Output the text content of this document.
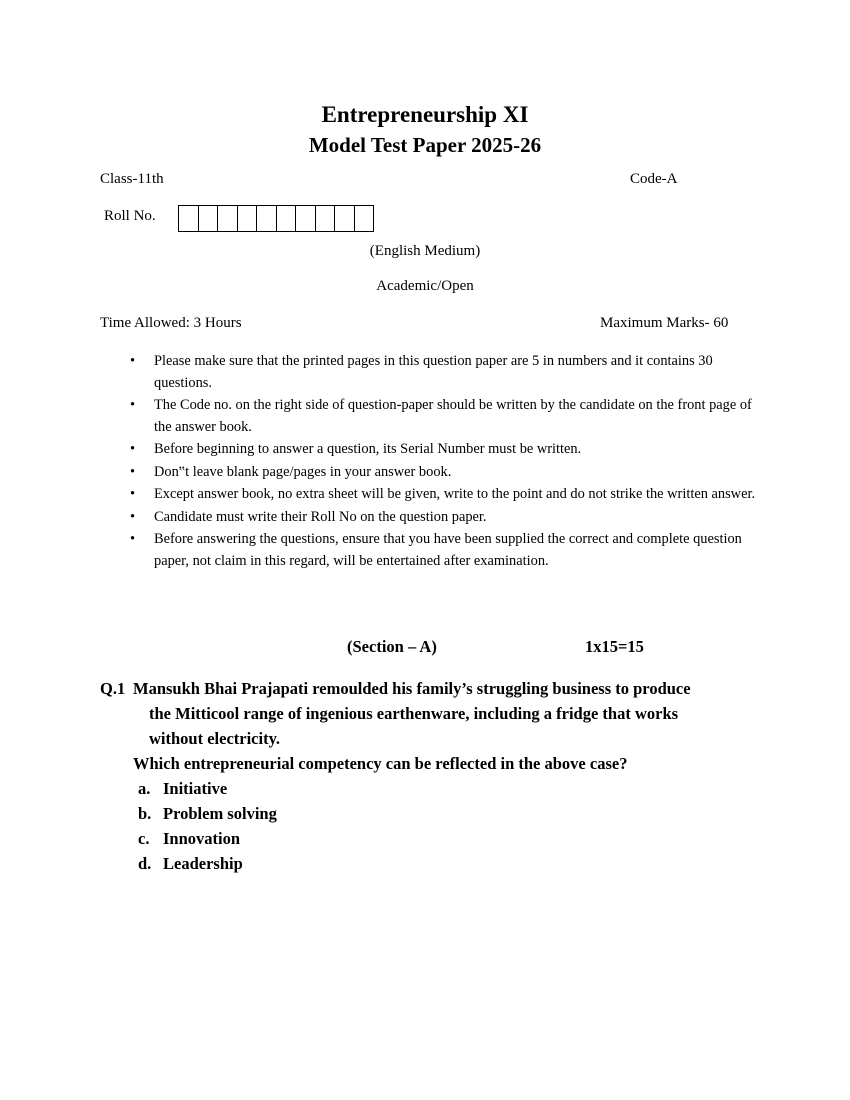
Entrepreneurship XI
Model Test Paper 2025-26
Class-11th	Code-A
Roll No.
(English Medium)
Academic/Open
Time Allowed: 3 Hours	Maximum Marks- 60
• Please make sure that the printed pages in this question paper are 5 in numbers and it contains 30 questions.
• The Code no. on the right side of question-paper should be written by the candidate on the front page of the answer book.
• Before beginning to answer a question, its Serial Number must be written.
• Don‟t leave blank page/pages in your answer book.
• Except answer book, no extra sheet will be given, write to the point and do not strike the written answer.
• Candidate must write their Roll No on the question paper.
• Before answering the questions, ensure that you have been supplied the correct and complete question paper, not claim in this regard, will be entertained after examination.
(Section – A)	1x15=15
Q.1 Mansukh Bhai Prajapati remoulded his family’s struggling business to produce
the Mitticool range of ingenious earthenware, including a fridge that works
without electricity.
Which entrepreneurial competency can be reflected in the above case?
a. Initiative
b. Problem solving
c. Innovation
d. Leadership
